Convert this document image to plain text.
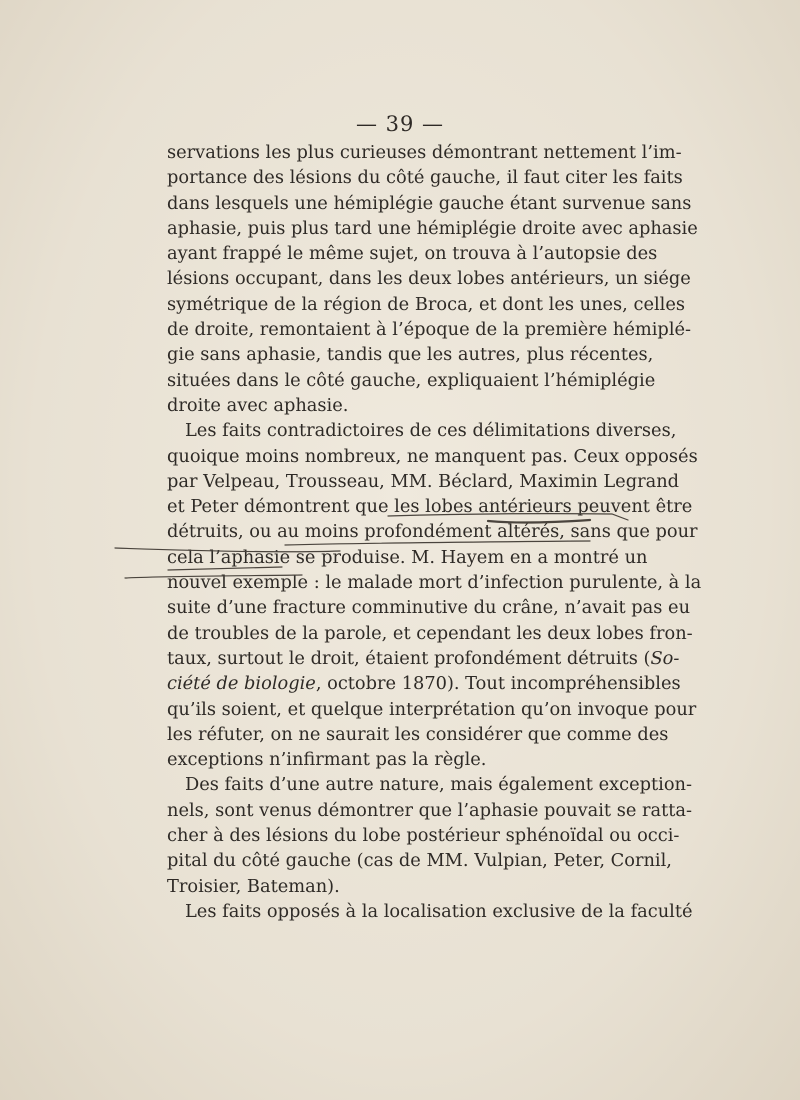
— 39 —
servations les plus curieuses démontrant nettement l’im-
portance des lésions du côté gauche, il faut citer les faits
dans lesquels une hémiplégie gauche étant survenue sans
aphasie, puis plus tard une hémiplégie droite avec aphasie
ayant frappé le même sujet, on trouva à l’autopsie des
lésions occupant, dans les deux lobes antérieurs, un siége
symétrique de la région de Broca, et dont les unes, celles
de droite, remontaient à l’époque de la première hémiplé-
gie sans aphasie, tandis que les autres, plus récentes,
situées dans le côté gauche, expliquaient l’hémiplégie
droite avec aphasie.
Les faits contradictoires de ces délimitations diverses,
quoique moins nombreux, ne manquent pas. Ceux opposés
par Velpeau, Trousseau, MM. Béclard, Maximin Legrand
et Peter démontrent que les lobes antérieurs peuvent être
détruits, ou au moins profondément altérés, sans que pour
cela l’aphasie se produise. M. Hayem en a montré un
nouvel exemple : le malade mort d’infection purulente, à la
suite d’une fracture comminutive du crâne, n’avait pas eu
de troubles de la parole, et cependant les deux lobes fron-
taux, surtout le droit, étaient profondément détruits (So-
ciété de biologie, octobre 1870). Tout incompréhensibles
qu’ils soient, et quelque interprétation qu’on invoque pour
les réfuter, on ne saurait les considérer que comme des
exceptions n’infirmant pas la règle.
Des faits d’une autre nature, mais également exception-
nels, sont venus démontrer que l’aphasie pouvait se ratta-
cher à des lésions du lobe postérieur sphénoïdal ou occi-
pital du côté gauche (cas de MM. Vulpian, Peter, Cornil,
Troisier, Bateman).
Les faits opposés à la localisation exclusive de la faculté
